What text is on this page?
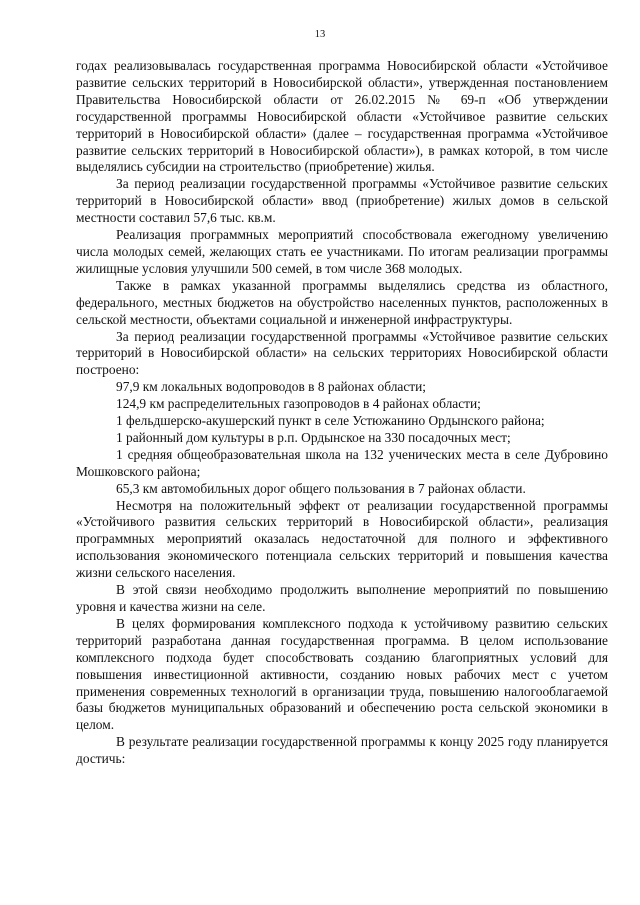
13

годах реализовывалась государственная программа Новосибирской области «Устойчивое развитие сельских территорий в Новосибирской области», утвержденная постановлением Правительства Новосибирской области от 26.02.2015 № 69-п «Об утверждении государственной программы Новосибирской области «Устойчивое развитие сельских территорий в Новосибирской области» (далее – государственная программа «Устойчивое развитие сельских территорий в Новосибирской области»), в рамках которой, в том числе выделялись субсидии на строительство (приобретение) жилья.

За период реализации государственной программы «Устойчивое развитие сельских территорий в Новосибирской области» ввод (приобретение) жилых домов в сельской местности составил 57,6 тыс. кв.м.

Реализация программных мероприятий способствовала ежегодному увеличению числа молодых семей, желающих стать ее участниками. По итогам реализации программы жилищные условия улучшили 500 семей, в том числе 368 молодых.

Также в рамках указанной программы выделялись средства из областного, федерального, местных бюджетов на обустройство населенных пунктов, расположенных в сельской местности, объектами социальной и инженерной инфраструктуры.

За период реализации государственной программы «Устойчивое развитие сельских территорий в Новосибирской области» на сельских территориях Новосибирской области построено:

97,9 км локальных водопроводов в 8 районах области;

124,9 км распределительных газопроводов в 4 районах области;

1 фельдшерско-акушерский пункт в селе Устюжанино Ордынского района;

1 районный дом культуры в р.п. Ордынское на 330 посадочных мест;

1 средняя общеобразовательная школа на 132 ученических места в селе Дубровино Мошковского района;

65,3 км автомобильных дорог общего пользования в 7 районах области.

Несмотря на положительный эффект от реализации государственной программы «Устойчивого развития сельских территорий в Новосибирской области», реализация программных мероприятий оказалась недостаточной для полного и эффективного использования экономического потенциала сельских территорий и повышения качества жизни сельского населения.

В этой связи необходимо продолжить выполнение мероприятий по повышению уровня и качества жизни на селе.

В целях формирования комплексного подхода к устойчивому развитию сельских территорий разработана данная государственная программа. В целом использование комплексного подхода будет способствовать созданию благоприятных условий для повышения инвестиционной активности, созданию новых рабочих мест с учетом применения современных технологий в организации труда, повышению налогооблагаемой базы бюджетов муниципальных образований и обеспечению роста сельской экономики в целом.

В результате реализации государственной программы к концу 2025 году планируется достичь:
